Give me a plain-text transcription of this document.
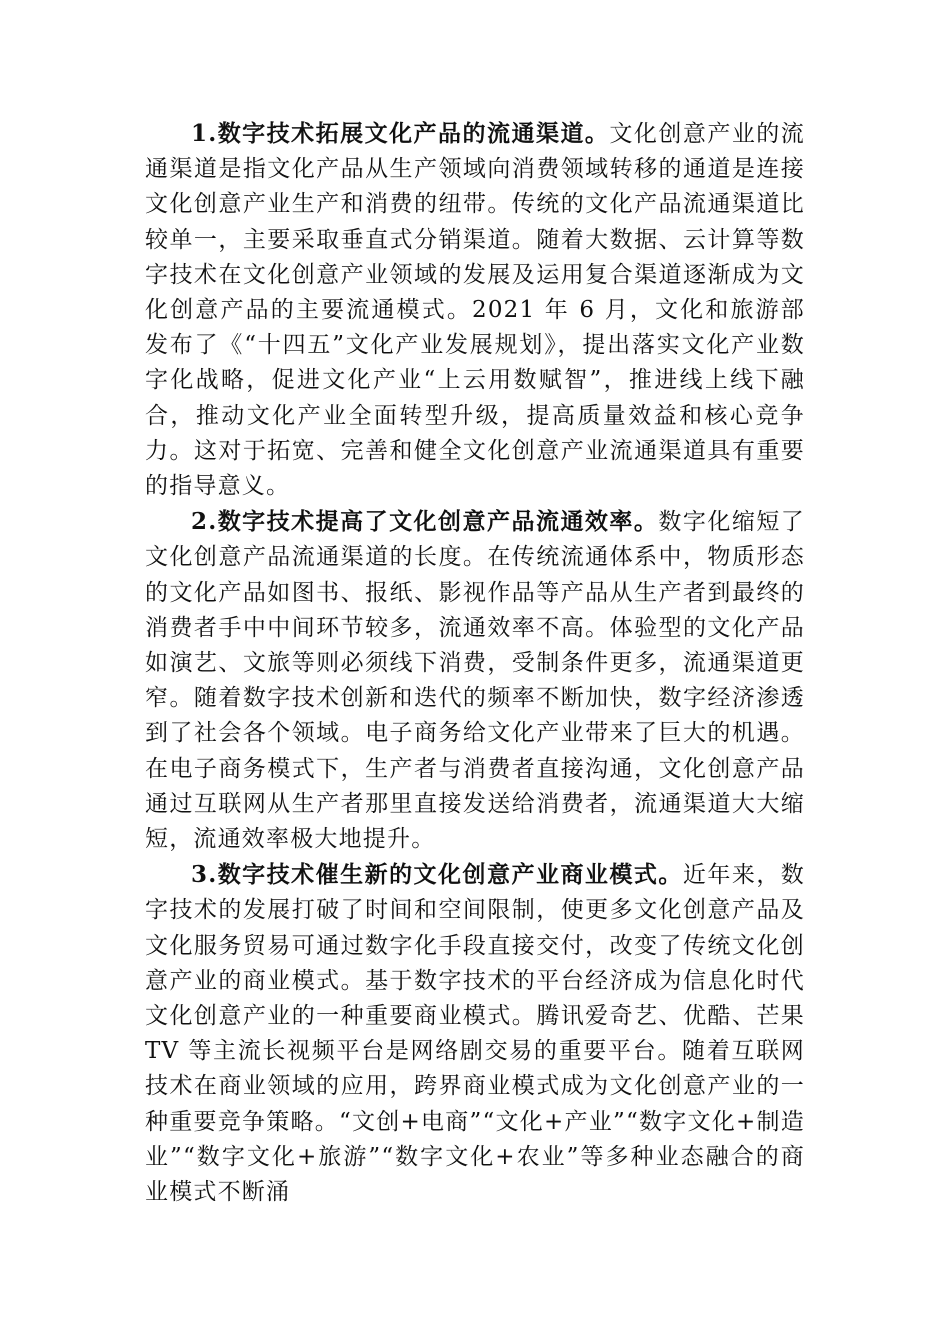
1.数字技术拓展文化产品的流通渠道。文化创意产业的流通渠道是指文化产品从生产领域向消费领域转移的通道是连接文化创意产业生产和消费的纽带。传统的文化产品流通渠道比较单一，主要采取垂直式分销渠道。随着大数据、云计算等数字技术在文化创意产业领域的发展及运用复合渠道逐渐成为文化创意产品的主要流通模式。2021 年 6 月，文化和旅游部发布了《“十四五”文化产业发展规划》，提出落实文化产业数字化战略，促进文化产业“上云用数赋智”，推进线上线下融合，推动文化产业全面转型升级，提高质量效益和核心竞争力。这对于拓宽、完善和健全文化创意产业流通渠道具有重要的指导意义。

2.数字技术提高了文化创意产品流通效率。数字化缩短了文化创意产品流通渠道的长度。在传统流通体系中，物质形态的文化产品如图书、报纸、影视作品等产品从生产者到最终的消费者手中中间环节较多，流通效率不高。体验型的文化产品如演艺、文旅等则必须线下消费，受制条件更多，流通渠道更窄。随着数字技术创新和迭代的频率不断加快，数字经济渗透到了社会各个领域。电子商务给文化产业带来了巨大的机遇。在电子商务模式下，生产者与消费者直接沟通，文化创意产品通过互联网从生产者那里直接发送给消费者，流通渠道大大缩短，流通效率极大地提升。

3.数字技术催生新的文化创意产业商业模式。近年来，数字技术的发展打破了时间和空间限制，使更多文化创意产品及文化服务贸易可通过数字化手段直接交付，改变了传统文化创意产业的商业模式。基于数字技术的平台经济成为信息化时代文化创意产业的一种重要商业模式。腾讯爱奇艺、优酷、芒果 TV 等主流长视频平台是网络剧交易的重要平台。随着互联网技术在商业领域的应用，跨界商业模式成为文化创意产业的一种重要竞争策略。“文创+电商”“文化+产业”“数字文化+制造业”“数字文化+旅游”“数字文化+农业”等多种业态融合的商业模式不断涌
